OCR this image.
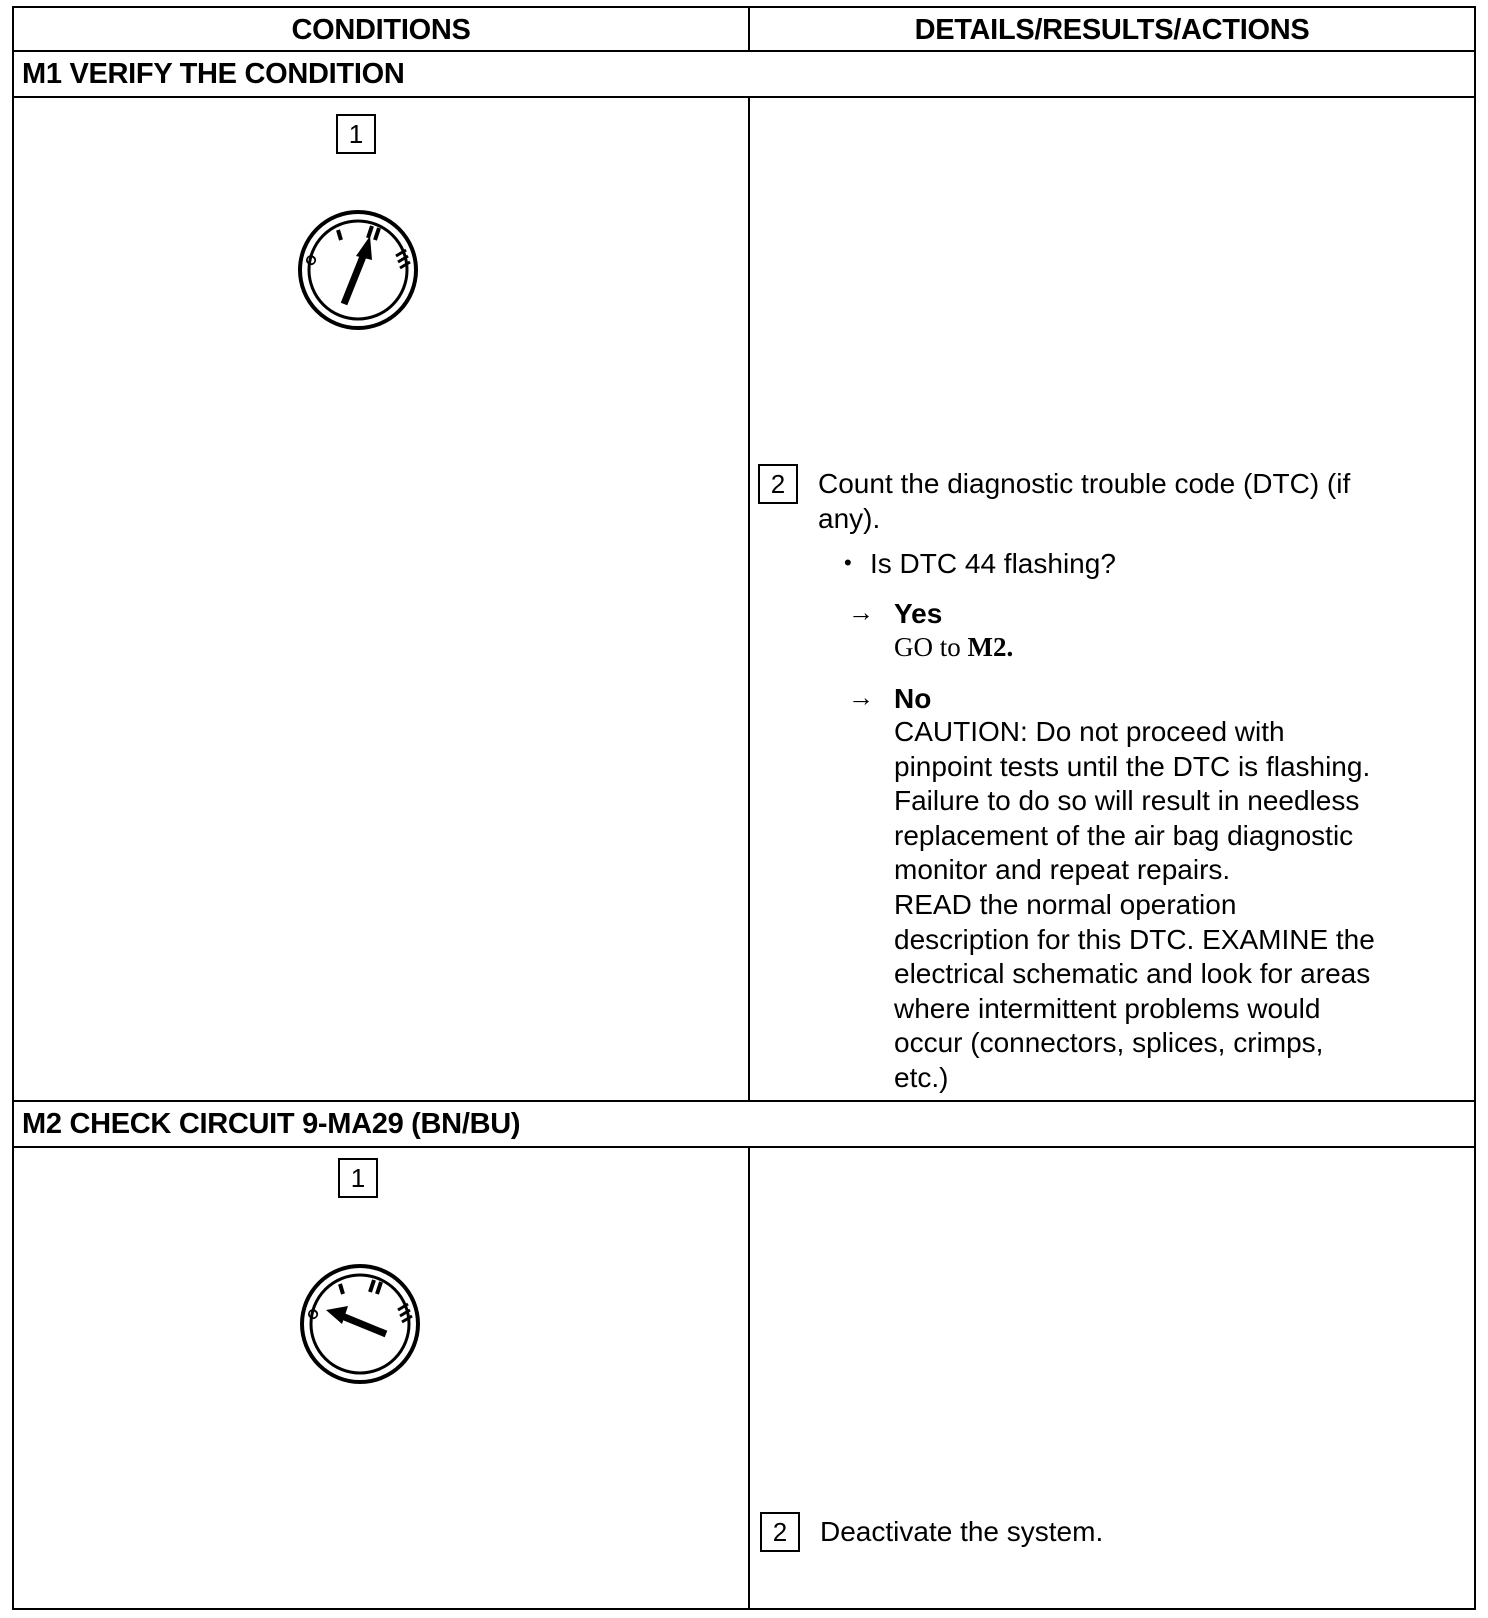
CONDITIONS	DETAILS/RESULTS/ACTIONS
M1 VERIFY THE CONDITION
1
O
2 Count the diagnostic trouble code (DTC) (if
any).
• Is DTC 44 flashing?
→ Yes
GO to M2.
→ No
CAUTION: Do not proceed with
pinpoint tests until the DTC is flashing.
Failure to do so will result in needless
replacement of the air bag diagnostic
monitor and repeat repairs.
READ the normal operation
description for this DTC. EXAMINE the
electrical schematic and look for areas
where intermittent problems would
occur (connectors, splices, crimps,
etc.)
M2 CHECK CIRCUIT 9-MA29 (BN/BU)
1
O
2 Deactivate the system.
